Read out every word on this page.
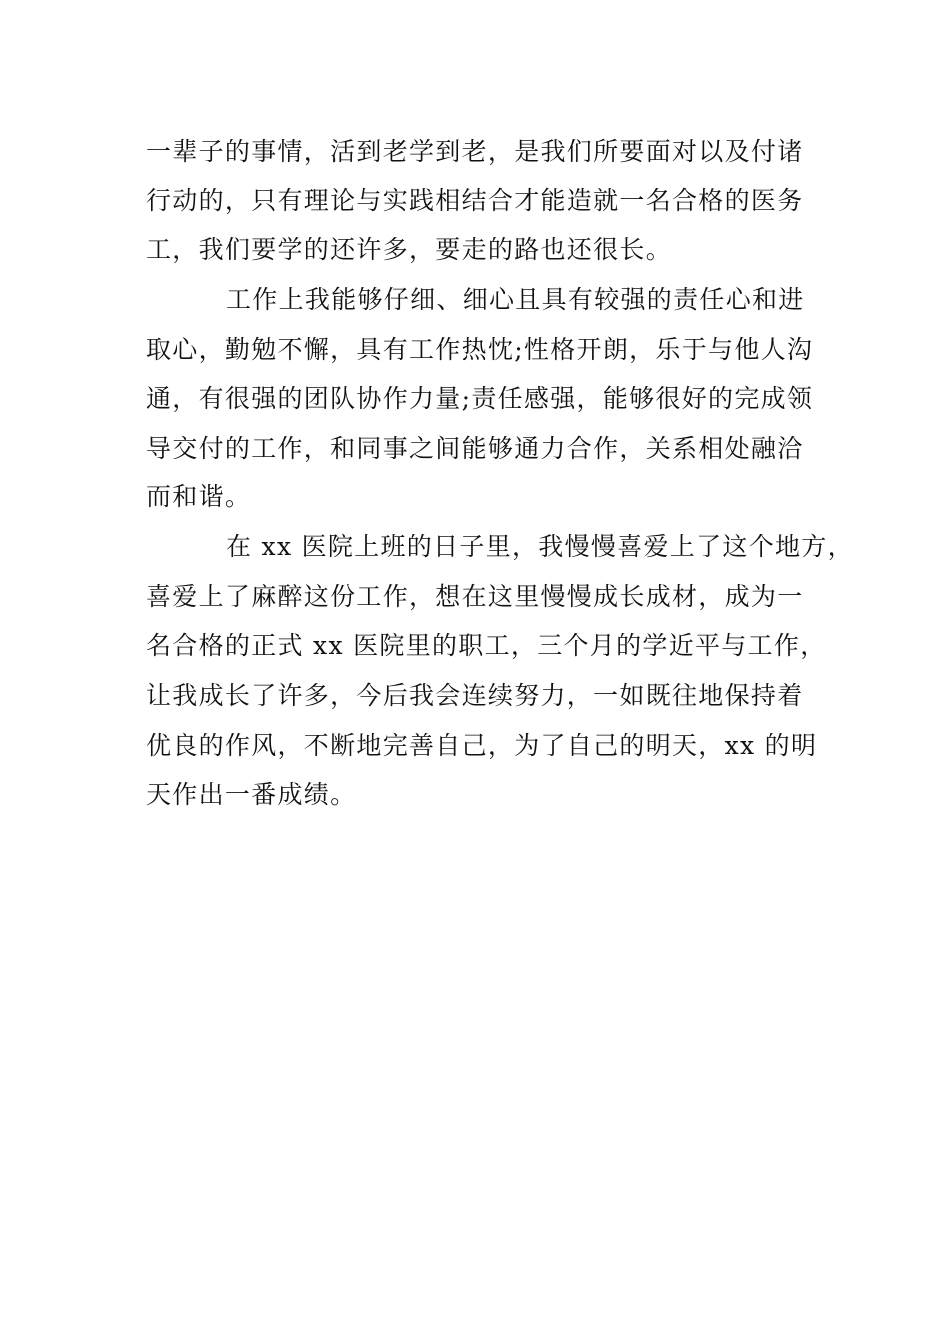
一辈子的事情，活到老学到老，是我们所要面对以及付诸

行动的，只有理论与实践相结合才能造就一名合格的医务

工，我们要学的还许多，要走的路也还很长。

工作上我能够仔细、细心且具有较强的责任心和进

取心，勤勉不懈，具有工作热忱;性格开朗，乐于与他人沟

通，有很强的团队协作力量;责任感强，能够很好的完成领

导交付的工作，和同事之间能够通力合作，关系相处融洽

而和谐。

在 xx 医院上班的日子里，我慢慢喜爱上了这个地方，

喜爱上了麻醉这份工作，想在这里慢慢成长成材，成为一

名合格的正式 xx 医院里的职工，三个月的学近平与工作，

让我成长了许多，今后我会连续努力，一如既往地保持着

优良的作风，不断地完善自己，为了自己的明天，xx 的明

天作出一番成绩。
